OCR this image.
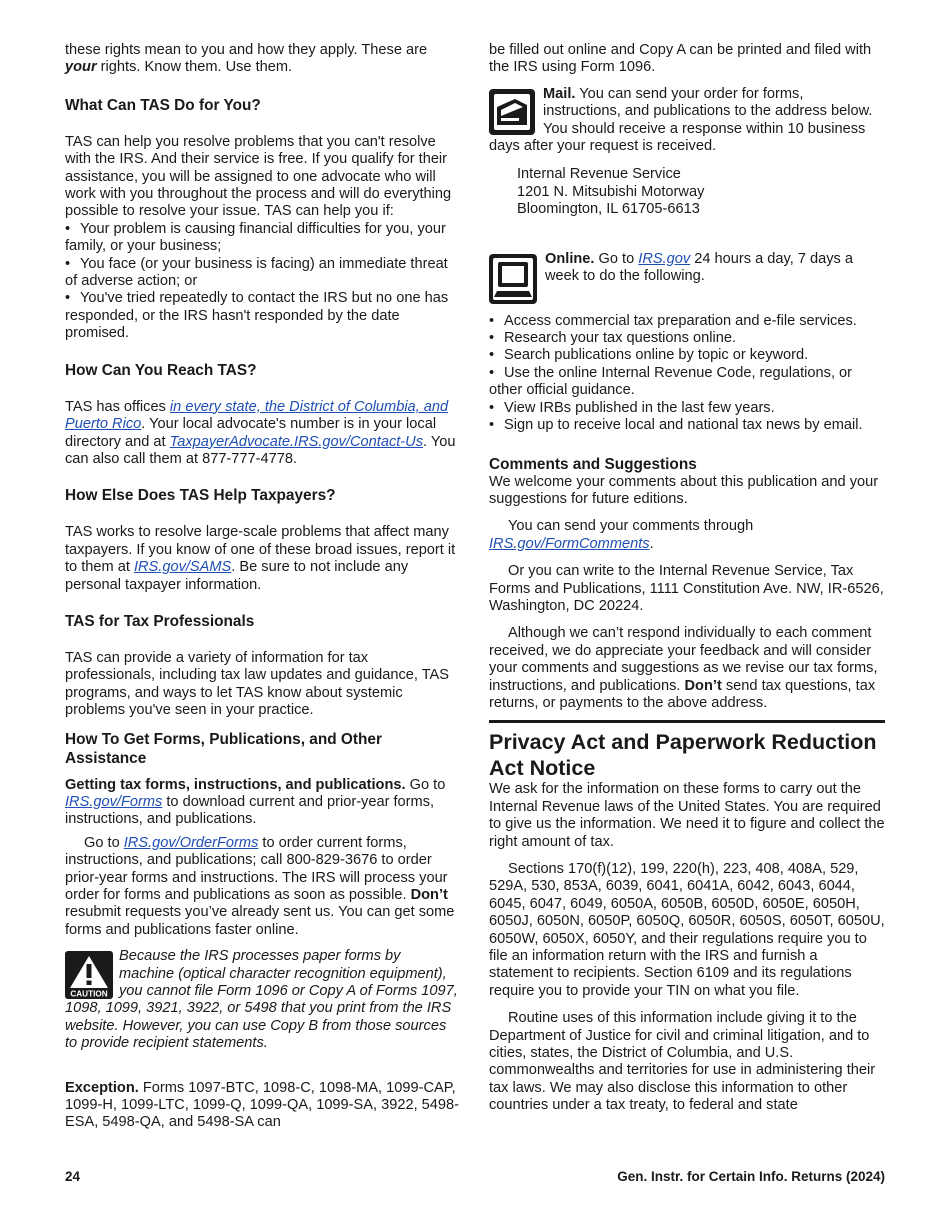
these rights mean to you and how they apply. These are your rights. Know them. Use them.

What Can TAS Do for You?

TAS can help you resolve problems that you can't resolve with the IRS. And their service is free. If you qualify for their assistance, you will be assigned to one advocate who will work with you throughout the process and will do everything possible to resolve your issue. TAS can help you if:

• Your problem is causing financial difficulties for you, your family, or your business;

• You face (or your business is facing) an immediate threat of adverse action; or

• You've tried repeatedly to contact the IRS but no one has responded, or the IRS hasn't responded by the date promised.

How Can You Reach TAS?

TAS has offices in every state, the District of Columbia, and Puerto Rico. Your local advocate's number is in your local directory and at TaxpayerAdvocate.IRS.gov/Contact-Us. You can also call them at 877-777-4778.

How Else Does TAS Help Taxpayers?

TAS works to resolve large-scale problems that affect many taxpayers. If you know of one of these broad issues, report it to them at IRS.gov/SAMS. Be sure to not include any personal taxpayer information.

TAS for Tax Professionals

TAS can provide a variety of information for tax professionals, including tax law updates and guidance, TAS programs, and ways to let TAS know about systemic problems you've seen in your practice.

How To Get Forms, Publications, and Other Assistance

Getting tax forms, instructions, and publications. Go to IRS.gov/Forms to download current and prior-year forms, instructions, and publications.

Go to IRS.gov/OrderForms to order current forms, instructions, and publications; call 800-829-3676 to order prior-year forms and instructions. The IRS will process your order for forms and publications as soon as possible. Don’t resubmit requests you’ve already sent us. You can get some forms and publications faster online.

CAUTION

Because the IRS processes paper forms by machine (optical character recognition equipment), you cannot file Form 1096 or Copy A of Forms 1097, 1098, 1099, 3921, 3922, or 5498 that you print from the IRS website. However, you can use Copy B from those sources to provide recipient statements.

Exception. Forms 1097-BTC, 1098-C, 1098-MA, 1099-CAP, 1099-H, 1099-LTC, 1099-Q, 1099-QA, 1099-SA, 3922, 5498-ESA, 5498-QA, and 5498-SA can

be filled out online and Copy A can be printed and filed with the IRS using Form 1096.

Mail. You can send your order for forms, instructions, and publications to the address below. You should receive a response within 10 business days after your request is received.

Internal Revenue Service

1201 N. Mitsubishi Motorway

Bloomington, IL 61705-6613

Online. Go to IRS.gov 24 hours a day, 7 days a week to do the following.

• Access commercial tax preparation and e-file services.

• Research your tax questions online.

• Search publications online by topic or keyword.

• Use the online Internal Revenue Code, regulations, or other official guidance.

• View IRBs published in the last few years.

• Sign up to receive local and national tax news by email.

Comments and Suggestions

We welcome your comments about this publication and your suggestions for future editions.

You can send your comments through IRS.gov/FormComments.

Or you can write to the Internal Revenue Service, Tax Forms and Publications, 1111 Constitution Ave. NW, IR-6526, Washington, DC 20224.

Although we can’t respond individually to each comment received, we do appreciate your feedback and will consider your comments and suggestions as we revise our tax forms, instructions, and publications. Don’t send tax questions, tax returns, or payments to the above address.

Privacy Act and Paperwork Reduction Act Notice

We ask for the information on these forms to carry out the Internal Revenue laws of the United States. You are required to give us the information. We need it to figure and collect the right amount of tax.

Sections 170(f)(12), 199, 220(h), 223, 408, 408A, 529, 529A, 530, 853A, 6039, 6041, 6041A, 6042, 6043, 6044, 6045, 6047, 6049, 6050A, 6050B, 6050D, 6050E, 6050H, 6050J, 6050N, 6050P, 6050Q, 6050R, 6050S, 6050T, 6050U, 6050W, 6050X, 6050Y, and their regulations require you to file an information return with the IRS and furnish a statement to recipients. Section 6109 and its regulations require you to provide your TIN on what you file.

Routine uses of this information include giving it to the Department of Justice for civil and criminal litigation, and to cities, states, the District of Columbia, and U.S. commonwealths and territories for use in administering their tax laws. We may also disclose this information to other countries under a tax treaty, to federal and state

24	Gen. Instr. for Certain Info. Returns (2024)
